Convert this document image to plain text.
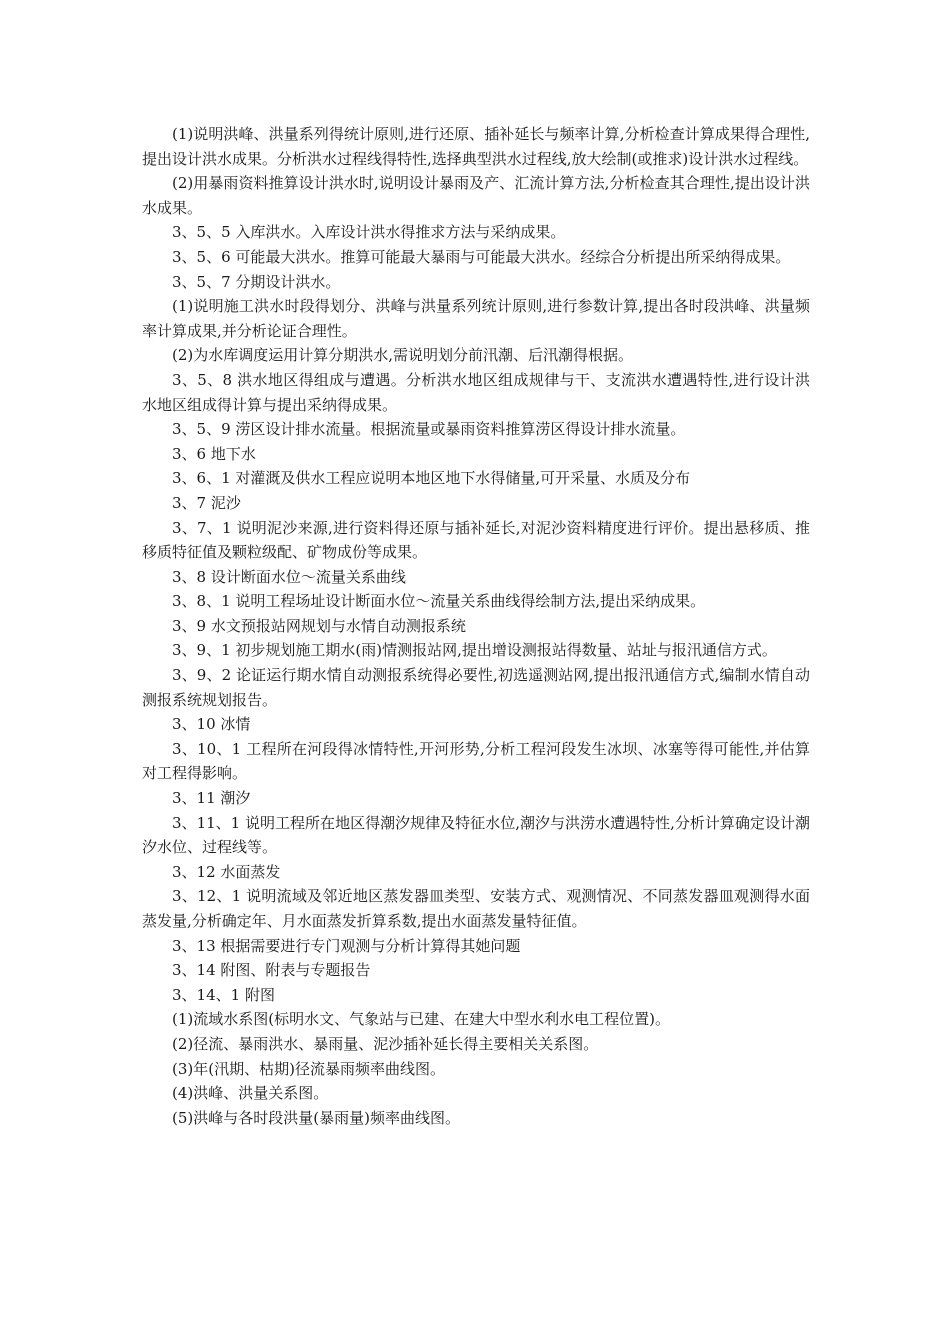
(1)说明洪峰、洪量系列得统计原则,进行还原、插补延长与频率计算,分析检查计算成果得合理性,提出设计洪水成果。分析洪水过程线得特性,选择典型洪水过程线,放大绘制(或推求)设计洪水过程线。

(2)用暴雨资料推算设计洪水时,说明设计暴雨及产、汇流计算方法,分析检查其合理性,提出设计洪水成果。

3、5、5 入库洪水。入库设计洪水得推求方法与采纳成果。

3、5、6 可能最大洪水。推算可能最大暴雨与可能最大洪水。经综合分析提出所采纳得成果。

3、5、7 分期设计洪水。

(1)说明施工洪水时段得划分、洪峰与洪量系列统计原则,进行参数计算,提出各时段洪峰、洪量频率计算成果,并分析论证合理性。

(2)为水库调度运用计算分期洪水,需说明划分前汛潮、后汛潮得根据。

3、5、8 洪水地区得组成与遭遇。分析洪水地区组成规律与干、支流洪水遭遇特性,进行设计洪水地区组成得计算与提出采纳得成果。

3、5、9 涝区设计排水流量。根据流量或暴雨资料推算涝区得设计排水流量。

3、6 地下水

3、6、1 对灌溉及供水工程应说明本地区地下水得储量,可开采量、水质及分布

3、7 泥沙

3、7、1 说明泥沙来源,进行资料得还原与插补延长,对泥沙资料精度进行评价。提出悬移质、推移质特征值及颗粒级配、矿物成份等成果。

3、8 设计断面水位～流量关系曲线

3、8、1 说明工程场址设计断面水位～流量关系曲线得绘制方法,提出采纳成果。

3、9 水文预报站网规划与水情自动测报系统

3、9、1 初步规划施工期水(雨)情测报站网,提出增设测报站得数量、站址与报汛通信方式。

3、9、2 论证运行期水情自动测报系统得必要性,初选遥测站网,提出报汛通信方式,编制水情自动测报系统规划报告。

3、10 冰情

3、10、1 工程所在河段得冰情特性,开河形势,分析工程河段发生冰坝、冰塞等得可能性,并估算对工程得影响。

3、11 潮汐

3、11、1 说明工程所在地区得潮汐规律及特征水位,潮汐与洪涝水遭遇特性,分析计算确定设计潮汐水位、过程线等。

3、12 水面蒸发

3、12、1 说明流域及邻近地区蒸发器皿类型、安装方式、观测情况、不同蒸发器皿观测得水面蒸发量,分析确定年、月水面蒸发折算系数,提出水面蒸发量特征值。

3、13 根据需要进行专门观测与分析计算得其她问题

3、14 附图、附表与专题报告

3、14、1 附图

(1)流域水系图(标明水文、气象站与已建、在建大中型水利水电工程位置)。

(2)径流、暴雨洪水、暴雨量、泥沙插补延长得主要相关关系图。

(3)年(汛期、枯期)径流暴雨频率曲线图。

(4)洪峰、洪量关系图。

(5)洪峰与各时段洪量(暴雨量)频率曲线图。
